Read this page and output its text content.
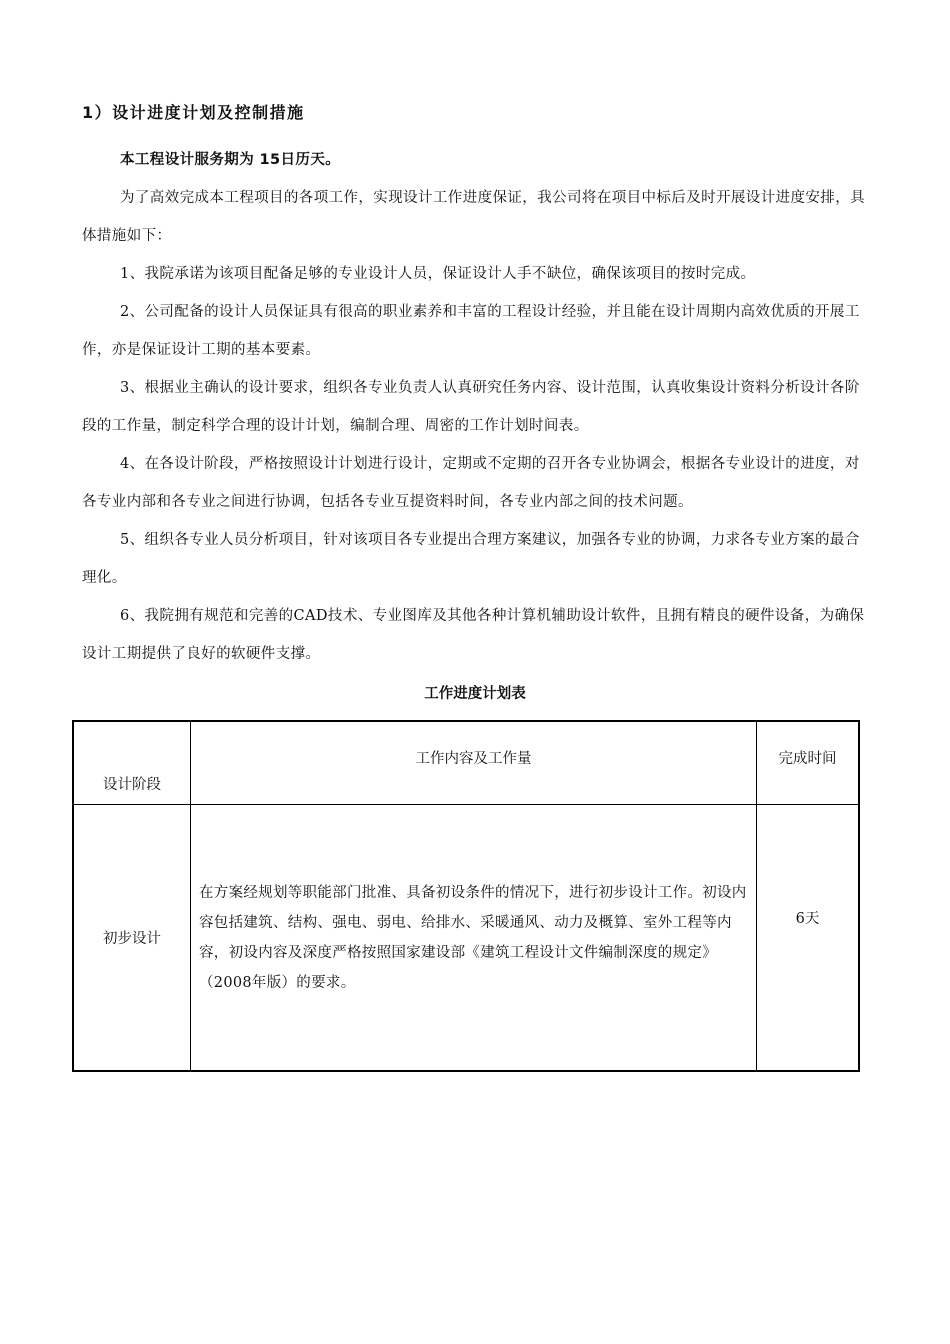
1）设计进度计划及控制措施
本工程设计服务期为 15日历天。
为了高效完成本工程项目的各项工作，实现设计工作进度保证，我公司将在项目中标后及时开展设计进度安排，具体措施如下：
1、我院承诺为该项目配备足够的专业设计人员，保证设计人手不缺位，确保该项目的按时完成。
2、公司配备的设计人员保证具有很高的职业素养和丰富的工程设计经验，并且能在设计周期内高效优质的开展工作，亦是保证设计工期的基本要素。
3、根据业主确认的设计要求，组织各专业负责人认真研究任务内容、设计范围，认真收集设计资料分析设计各阶段的工作量，制定科学合理的设计计划，编制合理、周密的工作计划时间表。
4、在各设计阶段，严格按照设计计划进行设计，定期或不定期的召开各专业协调会，根据各专业设计的进度，对各专业内部和各专业之间进行协调，包括各专业互提资料时间，各专业内部之间的技术问题。
5、组织各专业人员分析项目，针对该项目各专业提出合理方案建议，加强各专业的协调，力求各专业方案的最合理化。
6、我院拥有规范和完善的CAD技术、专业图库及其他各种计算机辅助设计软件，且拥有精良的硬件设备，为确保设计工期提供了良好的软硬件支撑。
工作进度计划表
设计阶段	工作内容及工作量	完成时间
初步设计	在方案经规划等职能部门批准、具备初设条件的情况下，进行初步设计工作。初设内容包括建筑、结构、强电、弱电、给排水、采暖通风、动力及概算、室外工程等内容，初设内容及深度严格按照国家建设部《建筑工程设计文件编制深度的规定》（2008年版）的要求。	6天
